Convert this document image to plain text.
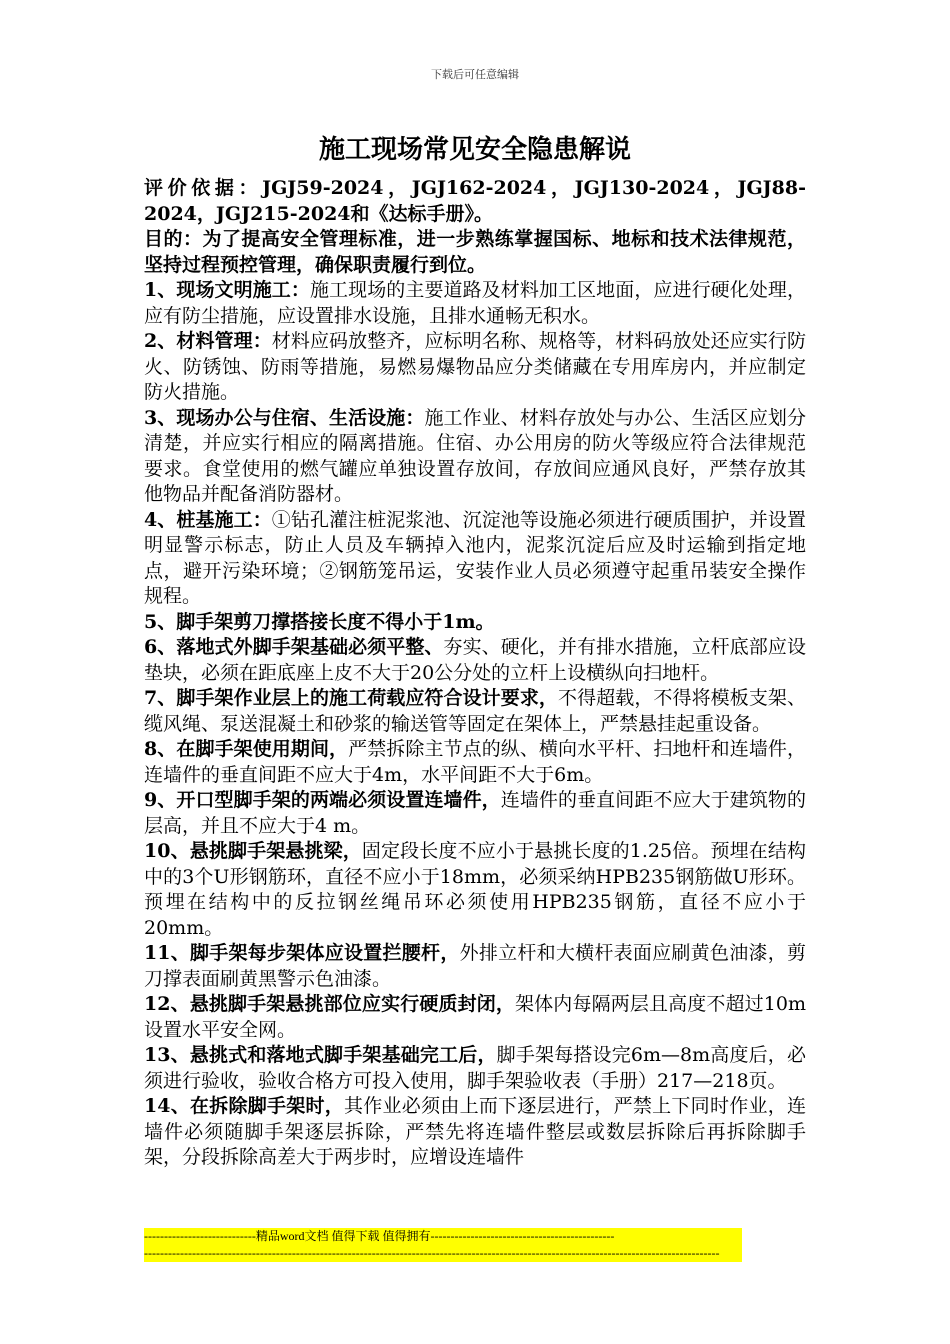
下载后可任意编辑
施工现场常见安全隐患解说

评价依据：JGJ59-2024，JGJ162-2024，JGJ130-2024，JGJ88-2024，JGJ215-2024和《达标手册》。

目的：为了提高安全管理标准，进一步熟练掌握国标、地标和技术法律规范，坚持过程预控管理，确保职责履行到位。

1、现场文明施工：施工现场的主要道路及材料加工区地面，应进行硬化处理，应有防尘措施，应设置排水设施，且排水通畅无积水。

2、材料管理：材料应码放整齐，应标明名称、规格等，材料码放处还应实行防火、防锈蚀、防雨等措施，易燃易爆物品应分类储藏在专用库房内，并应制定防火措施。

3、现场办公与住宿、生活设施：施工作业、材料存放处与办公、生活区应划分清楚，并应实行相应的隔离措施。住宿、办公用房的防火等级应符合法律规范要求。食堂使用的燃气罐应单独设置存放间，存放间应通风良好，严禁存放其他物品并配备消防器材。

4、桩基施工：①钻孔灌注桩泥浆池、沉淀池等设施必须进行硬质围护，并设置明显警示标志，防止人员及车辆掉入池内，泥浆沉淀后应及时运输到指定地点，避开污染环境；②钢筋笼吊运，安装作业人员必须遵守起重吊装安全操作规程。

5、脚手架剪刀撑搭接长度不得小于1m。

6、落地式外脚手架基础必须平整、夯实、硬化，并有排水措施，立杆底部应设垫块，必须在距底座上皮不大于20公分处的立杆上设横纵向扫地杆。

7、脚手架作业层上的施工荷载应符合设计要求，不得超载，不得将模板支架、缆风绳、泵送混凝土和砂浆的输送管等固定在架体上，严禁悬挂起重设备。

8、在脚手架使用期间，严禁拆除主节点的纵、横向水平杆、扫地杆和连墙件，连墙件的垂直间距不应大于4m，水平间距不大于6m。

9、开口型脚手架的两端必须设置连墙件，连墙件的垂直间距不应大于建筑物的层高，并且不应大于4 m。

10、悬挑脚手架悬挑梁，固定段长度不应小于悬挑长度的1.25倍。预埋在结构中的3个U形钢筋环，直径不应小于18mm，必须采纳HPB235钢筋做U形环。预埋在结构中的反拉钢丝绳吊环必须使用HPB235钢筋，直径不应小于20mm。

11、脚手架每步架体应设置拦腰杆，外排立杆和大横杆表面应刷黄色油漆，剪刀撑表面刷黄黑警示色油漆。

12、悬挑脚手架悬挑部位应实行硬质封闭，架体内每隔两层且高度不超过10m设置水平安全网。

13、悬挑式和落地式脚手架基础完工后，脚手架每搭设完6m—8m高度后，必须进行验收，验收合格方可投入使用，脚手架验收表（手册）217—218页。

14、在拆除脚手架时，其作业必须由上而下逐层进行，严禁上下同时作业，连墙件必须随脚手架逐层拆除，严禁先将连墙件整层或数层拆除后再拆除脚手架，分段拆除高差大于两步时，应增设连墙件

----------------------------精品word文档 值得下载 值得拥有----------------------------------------------
------------------------------------------------------------------------------------------------------------------------------------------------
